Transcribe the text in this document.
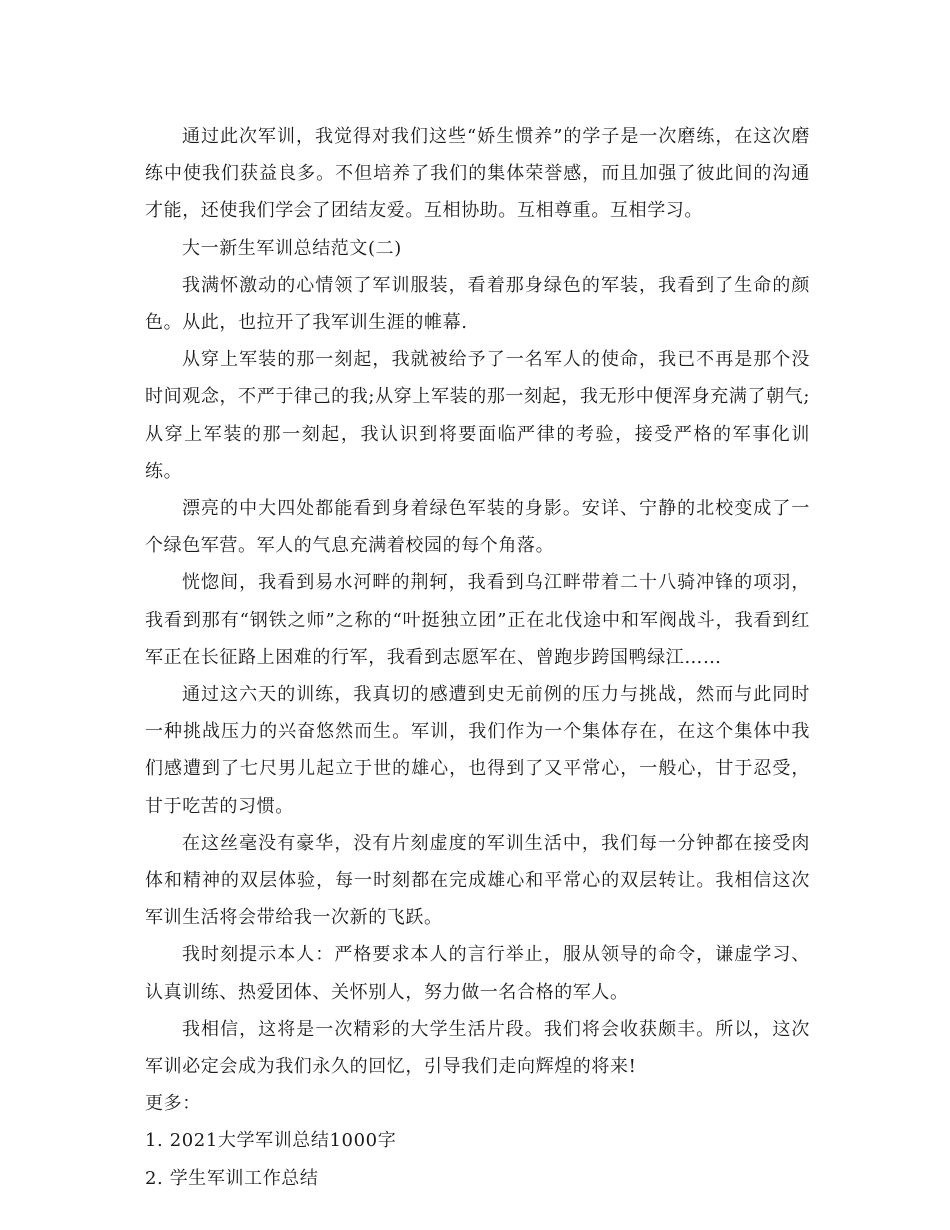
通过此次军训，我觉得对我们这些“娇生惯养”的学子是一次磨练，在这次磨练中使我们获益良多。不但培养了我们的集体荣誉感，而且加强了彼此间的沟通才能，还使我们学会了团结友爱。互相协助。互相尊重。互相学习。

大一新生军训总结范文(二)

我满怀激动的心情领了军训服装，看着那身绿色的军装，我看到了生命的颜色。从此，也拉开了我军训生涯的帷幕.

从穿上军装的那一刻起，我就被给予了一名军人的使命，我已不再是那个没时间观念，不严于律己的我;从穿上军装的那一刻起，我无形中便浑身充满了朝气;从穿上军装的那一刻起，我认识到将要面临严律的考验，接受严格的军事化训练。

漂亮的中大四处都能看到身着绿色军装的身影。安详、宁静的北校变成了一个绿色军营。军人的气息充满着校园的每个角落。

恍惚间，我看到易水河畔的荆轲，我看到乌江畔带着二十八骑冲锋的项羽，我看到那有“钢铁之师”之称的“叶挺独立团”正在北伐途中和军阀战斗，我看到红军正在长征路上困难的行军，我看到志愿军在、曾跑步跨国鸭绿江……

通过这六天的训练，我真切的感遭到史无前例的压力与挑战，然而与此同时一种挑战压力的兴奋悠然而生。军训，我们作为一个集体存在，在这个集体中我们感遭到了七尺男儿起立于世的雄心，也得到了又平常心，一般心，甘于忍受，甘于吃苦的习惯。

在这丝毫没有豪华，没有片刻虚度的军训生活中，我们每一分钟都在接受肉体和精神的双层体验，每一时刻都在完成雄心和平常心的双层转让。我相信这次军训生活将会带给我一次新的飞跃。

我时刻提示本人：严格要求本人的言行举止，服从领导的命令，谦虚学习、认真训练、热爱团体、关怀别人，努力做一名合格的军人。

我相信，这将是一次精彩的大学生活片段。我们将会收获颇丰。所以，这次军训必定会成为我们永久的回忆，引导我们走向辉煌的将来!

更多：

1. 2021大学军训总结1000字

2. 学生军训工作总结
